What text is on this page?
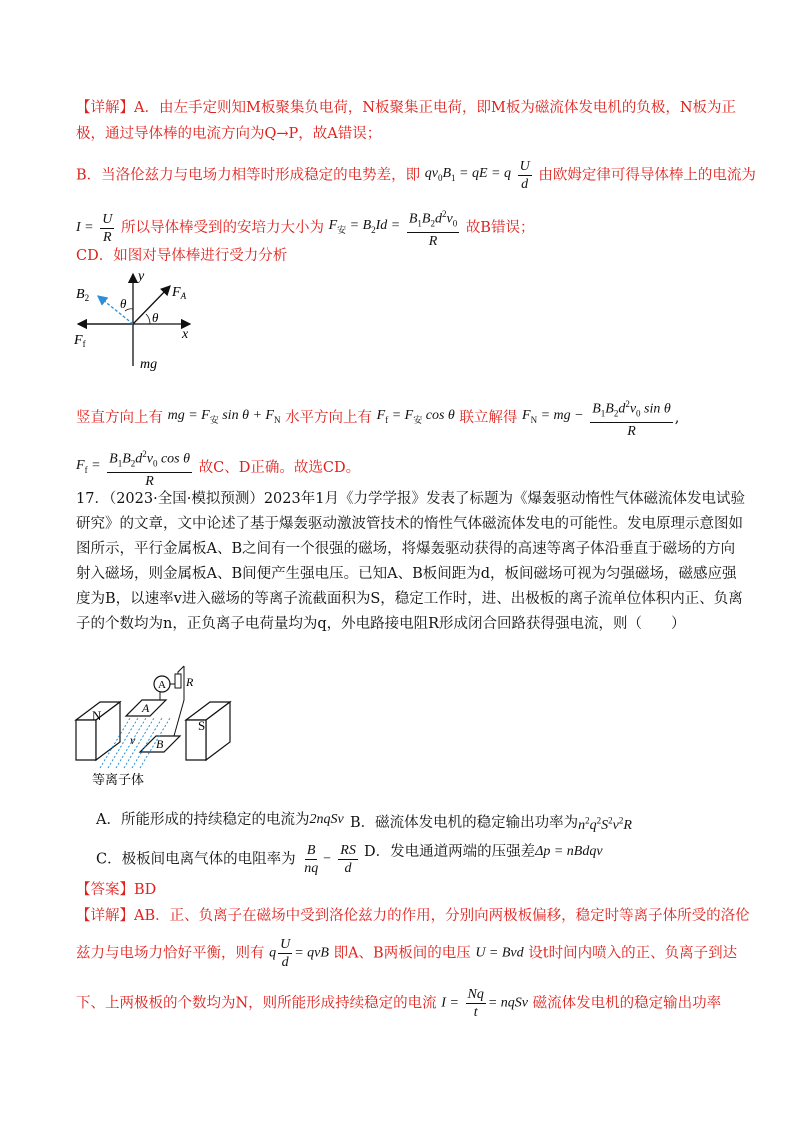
【详解】A．由左手定则知M板聚集负电荷，N板聚集正电荷，即M板为磁流体发电机的负极，N板为正
极，通过导体棒的电流方向为Q→P，故A错误；
B．当洛伦兹力与电场力相等时形成稳定的电势差，即 $qv_0B_1$ = qE = q $\frac{U}{d}$ 由欧姆定律可得导体棒上的电流为
$I = \frac{U}{R}$ 所以导体棒受到的安培力大小为 $F_安 = B_2Id = \frac{B_1B_2d^2v_0}{R}$ 故B错误；
CD．如图对导体棒进行受力分析
y
x
$B_2$	$F_A$
$F_f$
mg
θ
θ
竖直方向上有 mg = $F_安$ $\sin \theta + F_N$ 水平方向上有 $F_f = F_安$ cos θ 联立解得 $F_N$ = mg − $\frac{B_1B_2d^2v_0 \sin \theta}{R}$ ,
$F_f = \frac{B_1B_2d^2v_0 \cos \theta}{R}$ 故C、D正确。故选CD。
17．（2023·全国·模拟预测）2023年1月《力学学报》发表了标题为《爆轰驱动惰性气体磁流体发电试验
研究》的文章，文中论述了基于爆轰驱动激波管技术的惰性气体磁流体发电的可能性。发电原理示意图如
图所示，平行金属板A、B之间有一个很强的磁场，将爆轰驱动获得的高速等离子体沿垂直于磁场的方向
射入磁场，则金属板A、B间便产生强电压。已知A、B板间距为d，板间磁场可视为匀强磁场，磁感应强
度为B，以速率v进入磁场的等离子流截面积为S，稳定工作时，进、出极板的离子流单位体积内正、负离
子的个数均为n，正负离子电荷量均为q，外电路接电阻R形成闭合回路获得强电流，则（　　）
N
S
A
B
v
A R
等离子体
A．所能形成的持续稳定的电流为2nqSv B．磁流体发电机的稳定输出功率为$n^2q^2S^2v^2R$
C．极板间电离气体的电阻率为 $\frac{B}{nq} - \frac{RS}{d}$ D．发电通道两端的压强差Δp = nBdqv
【答案】BD
【详解】AB．正、负离子在磁场中受到洛伦兹力的作用，分别向两极板偏移，稳定时等离子体所受的洛伦
兹力与电场力恰好平衡，则有 q $\frac{U}{d}$ = qvB 即A、B两板间的电压 U = Bvd 设t时间内喷入的正、负离子到达
下、上两极板的个数均为N，则所能形成持续稳定的电流 $I = \frac{Nq}{t}$ = nqSv 磁流体发电机的稳定输出功率
